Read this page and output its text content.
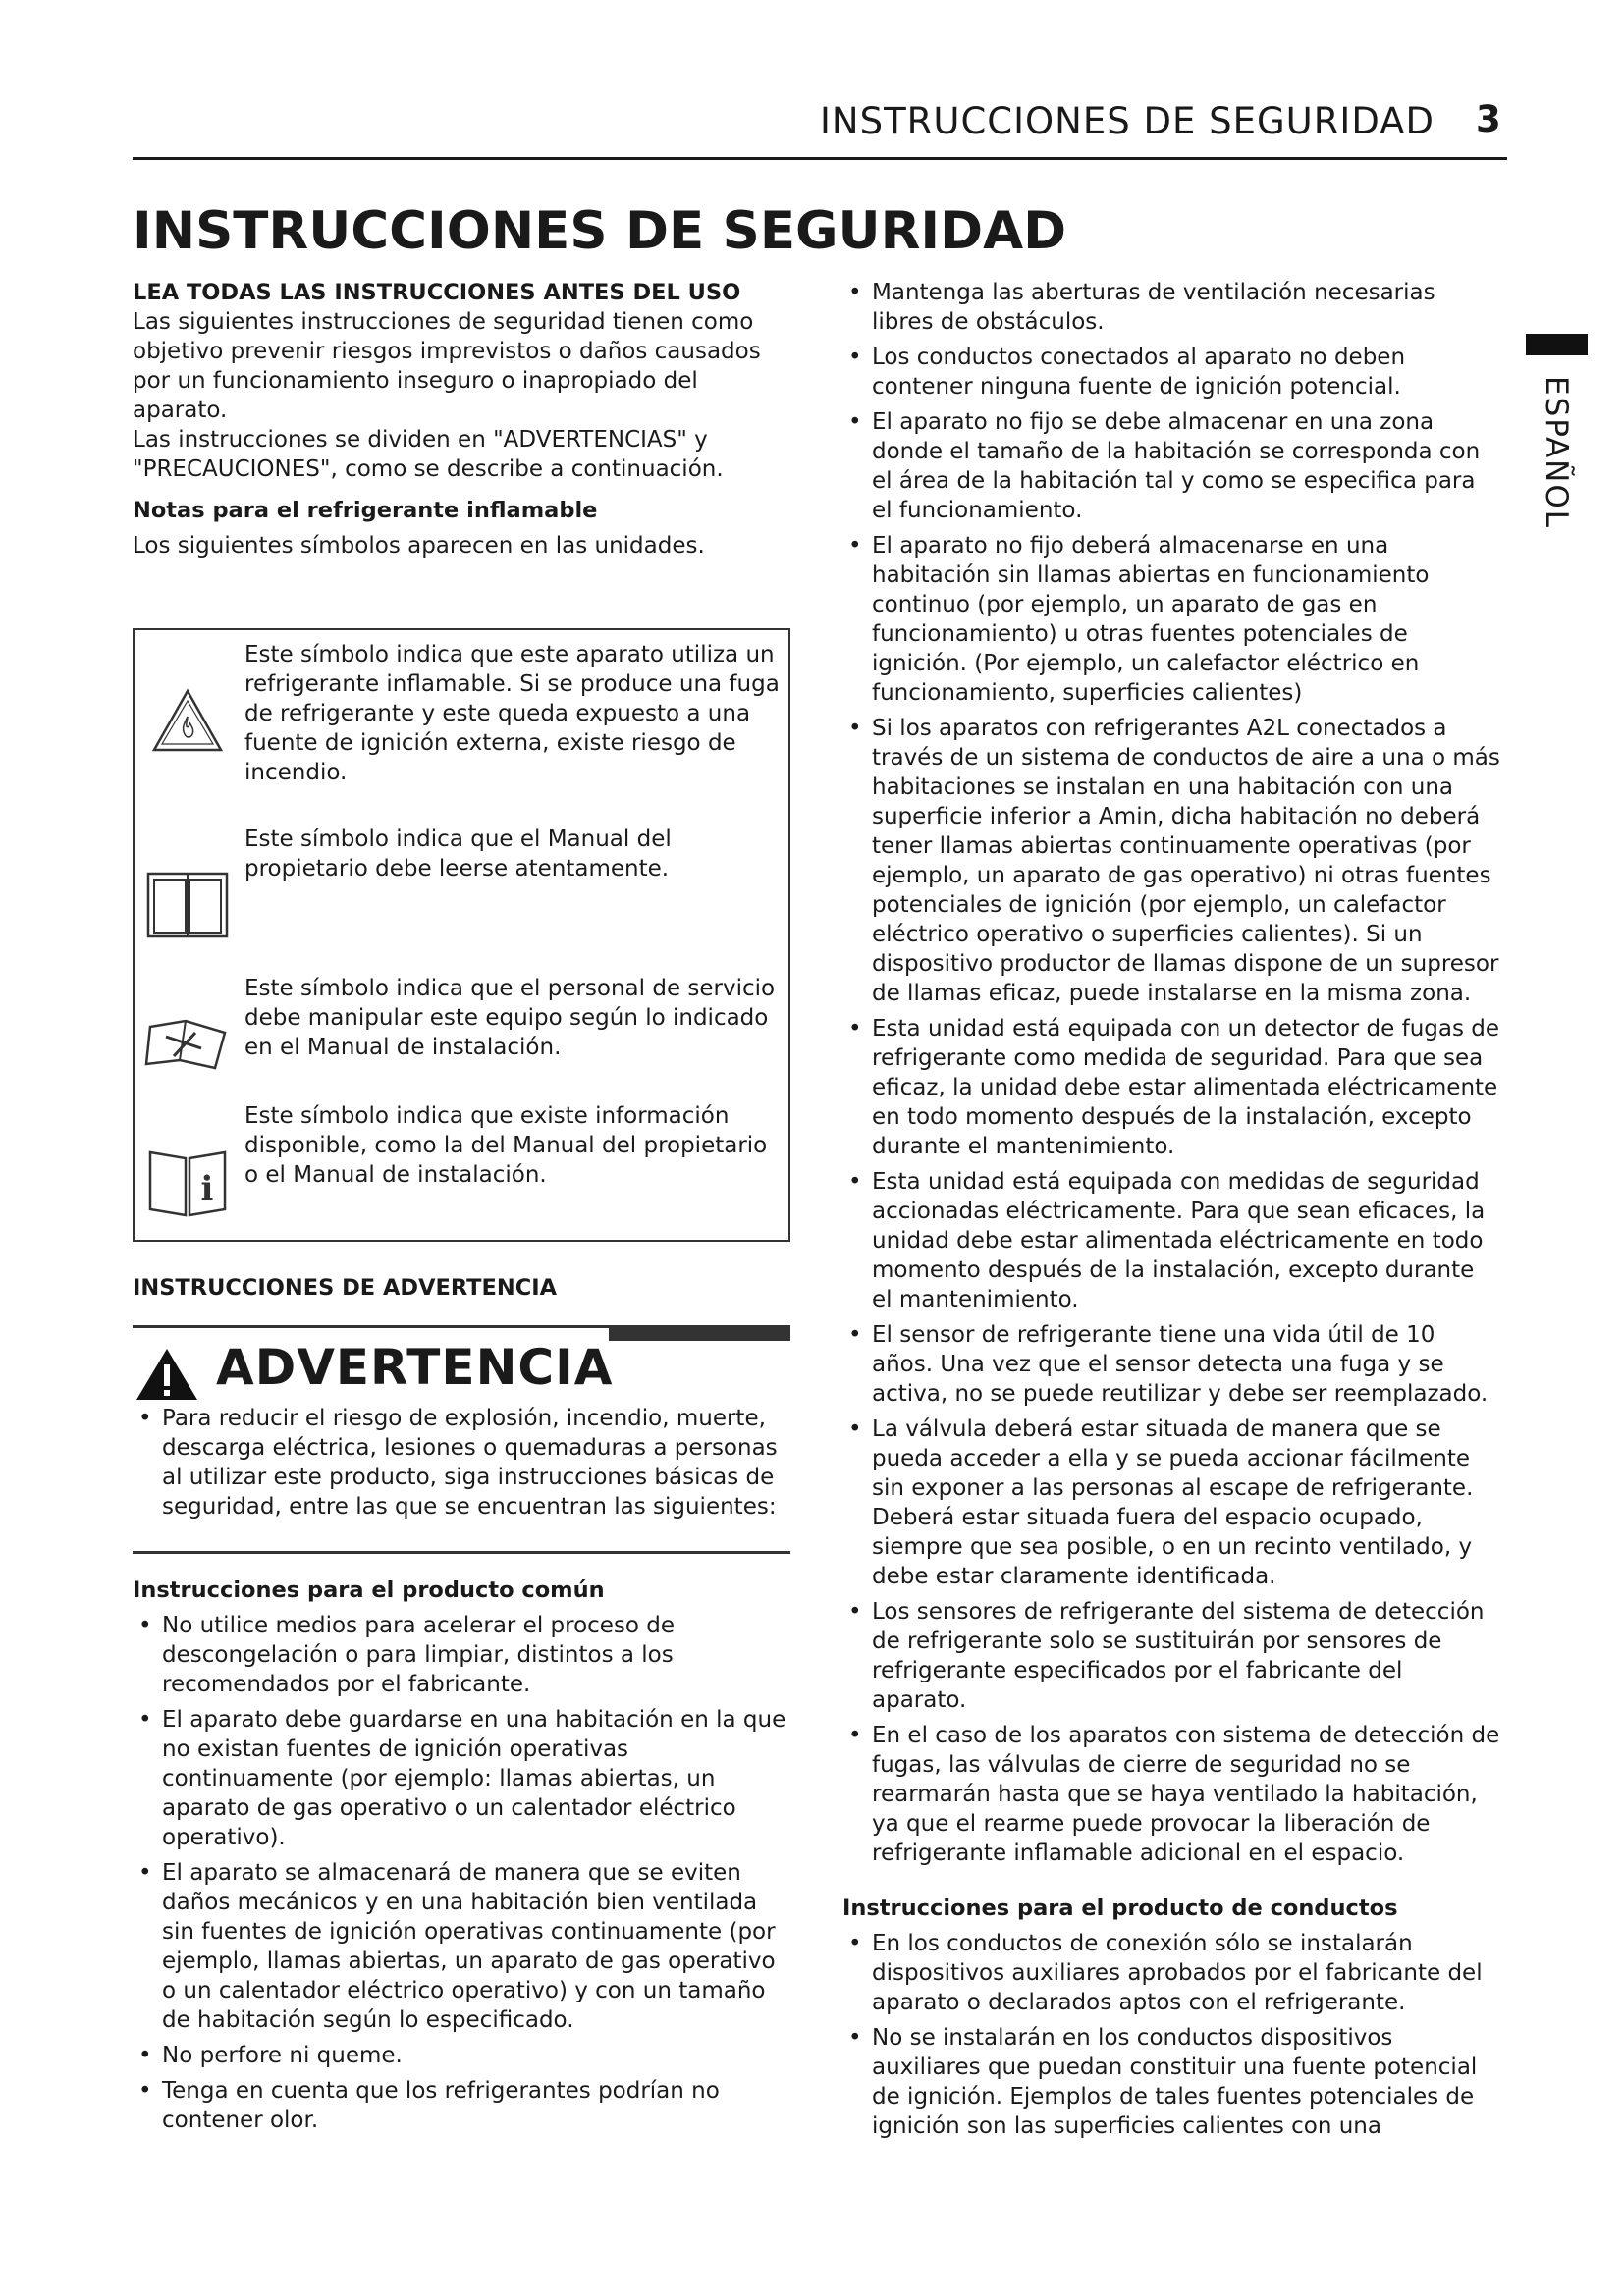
INSTRUCCIONES DE SEGURIDAD 3
ESPAÑOL
INSTRUCCIONES DE SEGURIDAD

LEA TODAS LAS INSTRUCCIONES ANTES DEL USO

Las siguientes instrucciones de seguridad tienen como objetivo prevenir riesgos imprevistos o daños causados por un funcionamiento inseguro o inapropiado del aparato.

Las instrucciones se dividen en "ADVERTENCIAS" y "PRECAUCIONES", como se describe a continuación.

Notas para el refrigerante inflamable

Los siguientes símbolos aparecen en las unidades.

Este símbolo indica que este aparato utiliza un refrigerante inflamable. Si se produce una fuga de refrigerante y este queda expuesto a una fuente de ignición externa, existe riesgo de incendio.
Este símbolo indica que el Manual del propietario debe leerse atentamente.
Este símbolo indica que el personal de servicio debe manipular este equipo según lo indicado en el Manual de instalación.
i
Este símbolo indica que existe información disponible, como la del Manual del propietario o el Manual de instalación.
INSTRUCCIONES DE ADVERTENCIA
ADVERTENCIA
• Para reducir el riesgo de explosión, incendio, muerte, descarga eléctrica, lesiones o quemaduras a personas al utilizar este producto, siga instrucciones básicas de seguridad, entre las que se encuentran las siguientes:

Instrucciones para el producto común

• No utilice medios para acelerar el proceso de descongelación o para limpiar, distintos a los recomendados por el fabricante.
• El aparato debe guardarse en una habitación en la que no existan fuentes de ignición operativas continuamente (por ejemplo: llamas abiertas, un aparato de gas operativo o un calentador eléctrico operativo).
• El aparato se almacenará de manera que se eviten daños mecánicos y en una habitación bien ventilada sin fuentes de ignición operativas continuamente (por ejemplo, llamas abiertas, un aparato de gas operativo o un calentador eléctrico operativo) y con un tamaño de habitación según lo especificado.
• No perfore ni queme.
• Tenga en cuenta que los refrigerantes podrían no contener olor.
• Mantenga las aberturas de ventilación necesarias libres de obstáculos.
• Los conductos conectados al aparato no deben contener ninguna fuente de ignición potencial.
• El aparato no fijo se debe almacenar en una zona donde el tamaño de la habitación se corresponda con el área de la habitación tal y como se especifica para el funcionamiento.
• El aparato no fijo deberá almacenarse en una habitación sin llamas abiertas en funcionamiento continuo (por ejemplo, un aparato de gas en funcionamiento) u otras fuentes potenciales de ignición. (Por ejemplo, un calefactor eléctrico en funcionamiento, superficies calientes)
• Si los aparatos con refrigerantes A2L conectados a través de un sistema de conductos de aire a una o más habitaciones se instalan en una habitación con una superficie inferior a Amin, dicha habitación no deberá tener llamas abiertas continuamente operativas (por ejemplo, un aparato de gas operativo) ni otras fuentes potenciales de ignición (por ejemplo, un calefactor eléctrico operativo o superficies calientes). Si un dispositivo productor de llamas dispone de un supresor de llamas eficaz, puede instalarse en la misma zona.
• Esta unidad está equipada con un detector de fugas de refrigerante como medida de seguridad. Para que sea eficaz, la unidad debe estar alimentada eléctricamente en todo momento después de la instalación, excepto durante el mantenimiento.
• Esta unidad está equipada con medidas de seguridad accionadas eléctricamente. Para que sean eficaces, la unidad debe estar alimentada eléctricamente en todo momento después de la instalación, excepto durante el mantenimiento.
• El sensor de refrigerante tiene una vida útil de 10 años. Una vez que el sensor detecta una fuga y se activa, no se puede reutilizar y debe ser reemplazado.
• La válvula deberá estar situada de manera que se pueda acceder a ella y se pueda accionar fácilmente sin exponer a las personas al escape de refrigerante. Deberá estar situada fuera del espacio ocupado, siempre que sea posible, o en un recinto ventilado, y debe estar claramente identificada.
• Los sensores de refrigerante del sistema de detección de refrigerante solo se sustituirán por sensores de refrigerante especificados por el fabricante del aparato.
• En el caso de los aparatos con sistema de detección de fugas, las válvulas de cierre de seguridad no se rearmarán hasta que se haya ventilado la habitación, ya que el rearme puede provocar la liberación de refrigerante inflamable adicional en el espacio.

Instrucciones para el producto de conductos

• En los conductos de conexión sólo se instalarán dispositivos auxiliares aprobados por el fabricante del aparato o declarados aptos con el refrigerante.
• No se instalarán en los conductos dispositivos auxiliares que puedan constituir una fuente potencial de ignición. Ejemplos de tales fuentes potenciales de ignición son las superficies calientes con una
